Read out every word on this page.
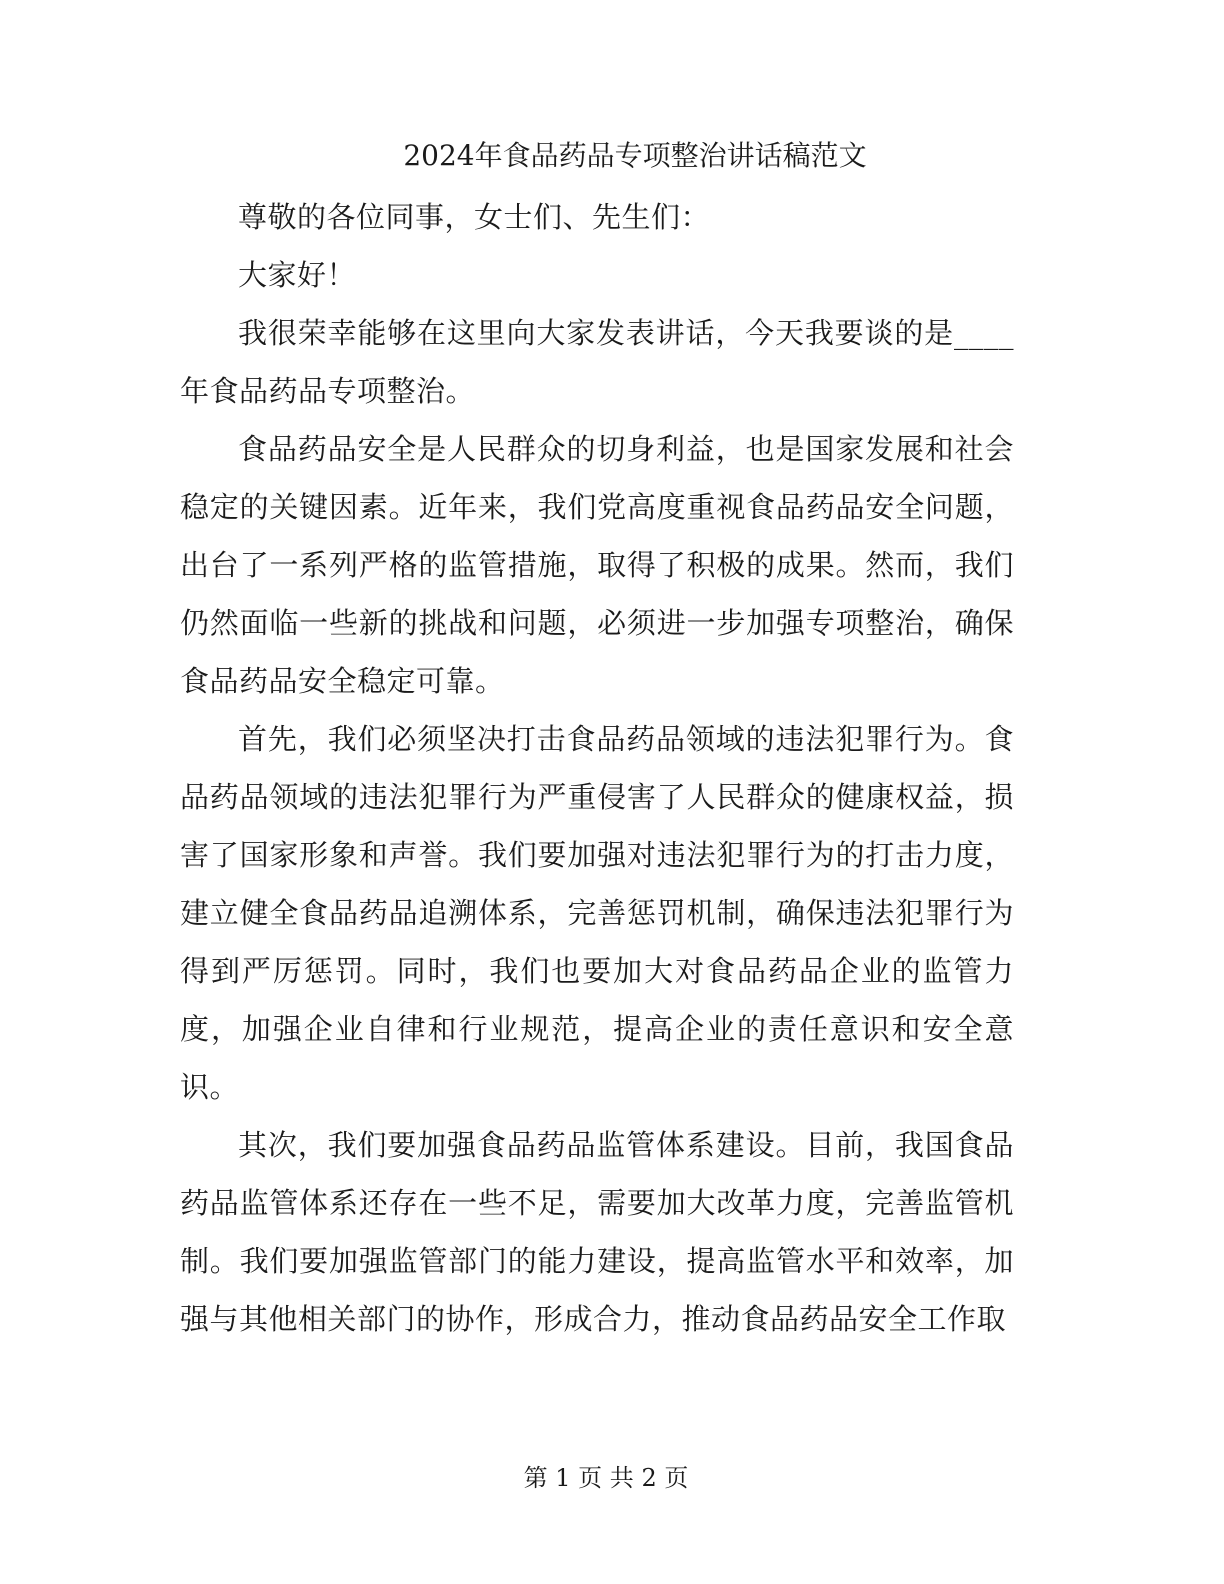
2024年食品药品专项整治讲话稿范文

尊敬的各位同事，女士们、先生们：

大家好！

我很荣幸能够在这里向大家发表讲话，今天我要谈的是____年食品药品专项整治。

食品药品安全是人民群众的切身利益，也是国家发展和社会稳定的关键因素。近年来，我们党高度重视食品药品安全问题，出台了一系列严格的监管措施，取得了积极的成果。然而，我们仍然面临一些新的挑战和问题，必须进一步加强专项整治，确保食品药品安全稳定可靠。

首先，我们必须坚决打击食品药品领域的违法犯罪行为。食品药品领域的违法犯罪行为严重侵害了人民群众的健康权益，损害了国家形象和声誉。我们要加强对违法犯罪行为的打击力度，建立健全食品药品追溯体系，完善惩罚机制，确保违法犯罪行为得到严厉惩罚。同时，我们也要加大对食品药品企业的监管力度，加强企业自律和行业规范，提高企业的责任意识和安全意识。

其次，我们要加强食品药品监管体系建设。目前，我国食品药品监管体系还存在一些不足，需要加大改革力度，完善监管机制。我们要加强监管部门的能力建设，提高监管水平和效率，加强与其他相关部门的协作，形成合力，推动食品药品安全工作取

第 1 页 共 2 页
